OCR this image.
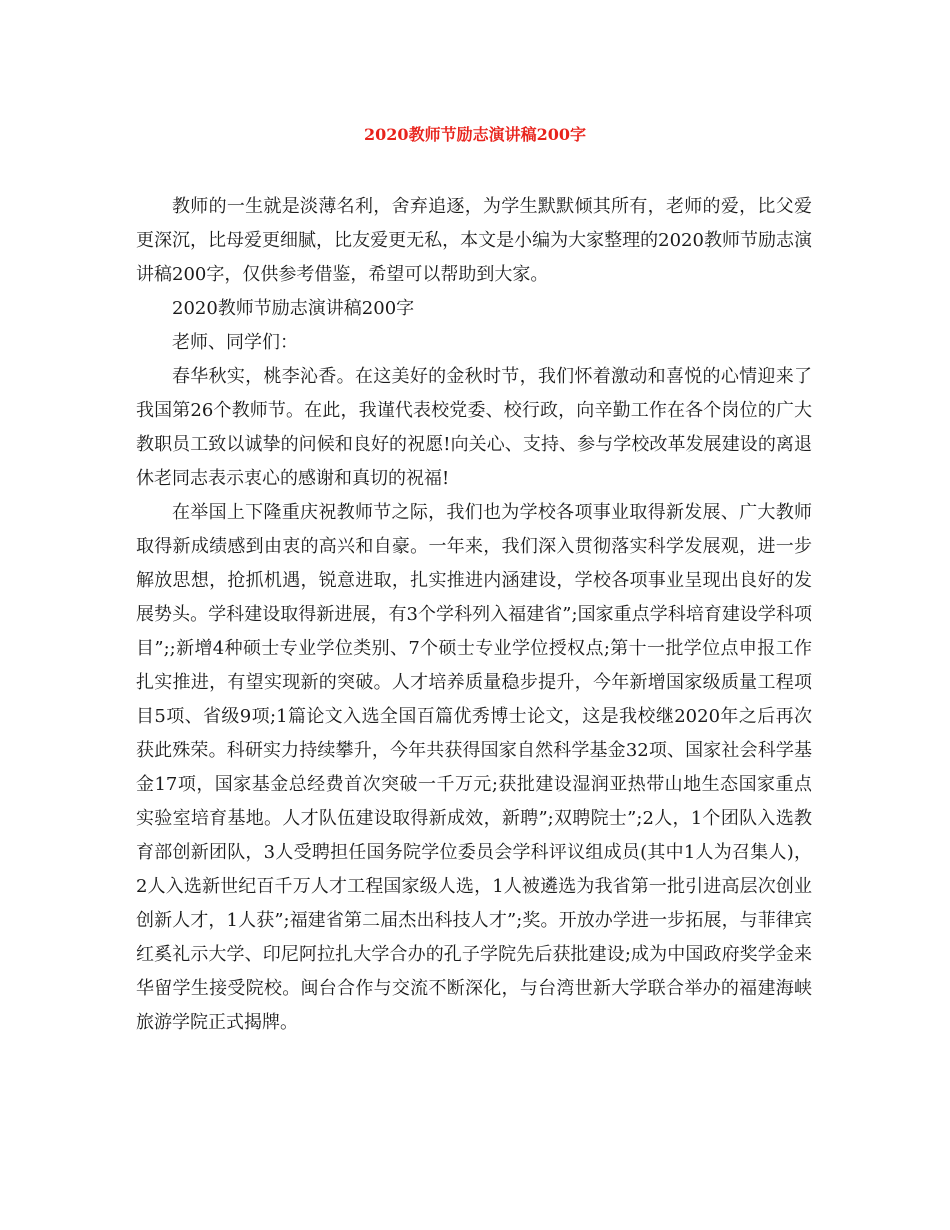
2020教师节励志演讲稿200字

教师的一生就是淡薄名利，舍弃追逐，为学生默默倾其所有，老师的爱，比父爱更深沉，比母爱更细腻，比友爱更无私，本文是小编为大家整理的2020教师节励志演讲稿200字，仅供参考借鉴，希望可以帮助到大家。

2020教师节励志演讲稿200字

老师、同学们：

春华秋实，桃李沁香。在这美好的金秋时节，我们怀着激动和喜悦的心情迎来了我国第26个教师节。在此，我谨代表校党委、校行政，向辛勤工作在各个岗位的广大教职员工致以诚挚的问候和良好的祝愿!向关心、支持、参与学校改革发展建设的离退休老同志表示衷心的感谢和真切的祝福!

在举国上下隆重庆祝教师节之际，我们也为学校各项事业取得新发展、广大教师取得新成绩感到由衷的高兴和自豪。一年来，我们深入贯彻落实科学发展观，进一步解放思想，抢抓机遇，锐意进取，扎实推进内涵建设，学校各项事业呈现出良好的发展势头。学科建设取得新进展，有3个学科列入福建省”;国家重点学科培育建设学科项目”;;新增4种硕士专业学位类别、7个硕士专业学位授权点;第十一批学位点申报工作扎实推进，有望实现新的突破。人才培养质量稳步提升，今年新增国家级质量工程项目5项、省级9项;1篇论文入选全国百篇优秀博士论文，这是我校继2020年之后再次获此殊荣。科研实力持续攀升，今年共获得国家自然科学基金32项、国家社会科学基金17项，国家基金总经费首次突破一千万元;获批建设湿润亚热带山地生态国家重点实验室培育基地。人才队伍建设取得新成效，新聘”;双聘院士”;2人，1个团队入选教育部创新团队，3人受聘担任国务院学位委员会学科评议组成员(其中1人为召集人)，2人入选新世纪百千万人才工程国家级人选，1人被遴选为我省第一批引进高层次创业创新人才，1人获”;福建省第二届杰出科技人才”;奖。开放办学进一步拓展，与菲律宾红奚礼示大学、印尼阿拉扎大学合办的孔子学院先后获批建设;成为中国政府奖学金来华留学生接受院校。闽台合作与交流不断深化，与台湾世新大学联合举办的福建海峡旅游学院正式揭牌。
